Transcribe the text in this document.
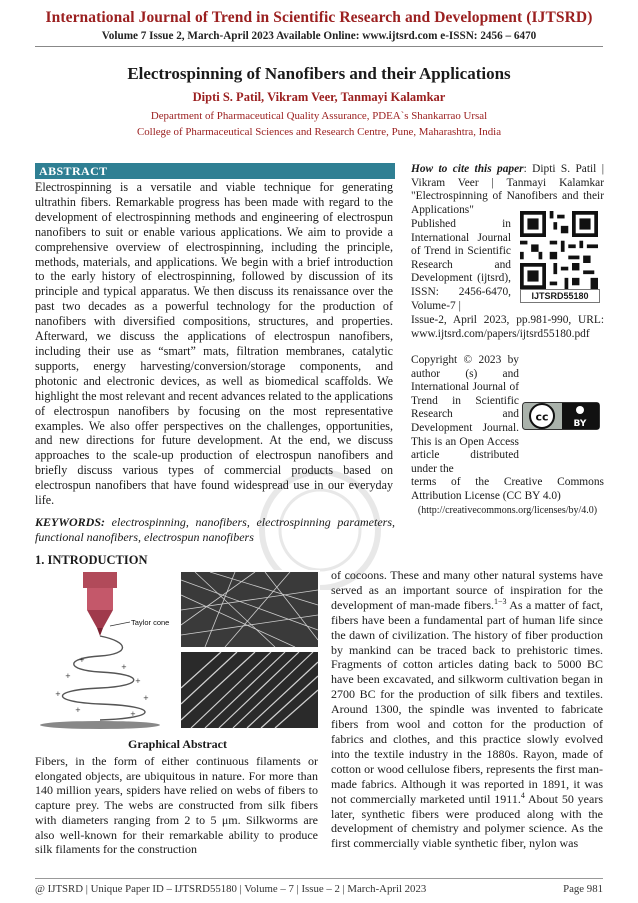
International Journal of Trend in Scientific Research and Development (IJTSRD)
Volume 7 Issue 2, March-April 2023 Available Online: www.ijtsrd.com e-ISSN: 2456 – 6470
Electrospinning of Nanofibers and their Applications
Dipti S. Patil, Vikram Veer, Tanmayi Kalamkar
Department of Pharmaceutical Quality Assurance, PDEA`s Shankarrao Ursal
College of Pharmaceutical Sciences and Research Centre, Pune, Maharashtra, India
ABSTRACT
Electrospinning is a versatile and viable technique for generating ultrathin fibers. Remarkable progress has been made with regard to the development of electrospinning methods and engineering of electrospun nanofibers to suit or enable various applications. We aim to provide a comprehensive overview of electrospinning, including the principle, methods, materials, and applications. We begin with a brief introduction to the early history of electrospinning, followed by discussion of its principle and typical apparatus. We then discuss its renaissance over the past two decades as a powerful technology for the production of nanofibers with diversified compositions, structures, and properties. Afterward, we discuss the applications of electrospun nanofibers, including their use as “smart” mats, filtration membranes, catalytic supports, energy harvesting/conversion/storage components, and photonic and electronic devices, as well as biomedical scaffolds. We highlight the most relevant and recent advances related to the applications of electrospun nanofibers by focusing on the most representative examples. We also offer perspectives on the challenges, opportunities, and new directions for future development. At the end, we discuss approaches to the scale-up production of electrospun nanofibers and briefly discuss various types of commercial products based on electrospun nanofibers that have found widespread use in our everyday life.
KEYWORDS: electrospinning, nanofibers, electrospinning parameters, functional nanofibers, electrospun nanofibers
How to cite this paper: Dipti S. Patil | Vikram Veer | Tanmayi Kalamkar "Electrospinning of Nanofibers and their Applications"
Published in International Journal of Trend in Scientific Research and Development (ijtsrd), ISSN: 2456-6470, Volume-7 |
Issue-2, April 2023, pp.981-990, URL: www.ijtsrd.com/papers/ijtsrd55180.pdf
IJTSRD55180
Copyright © 2023 by author (s) and International Journal of Trend in Scientific Research and Development Journal. This is an Open Access article distributed under the
terms of the Creative Commons Attribution License (CC BY 4.0)
(http://creativecommons.org/licenses/by/4.0)
cc
BY
1. INTRODUCTION
+
+
+
+
+	+
+	+
Taylor cone
Graphical Abstract
Fibers, in the form of either continuous filaments or elongated objects, are ubiquitous in nature. For more than 140 million years, spiders have relied on webs of fibers to capture prey. The webs are constructed from silk fibers with diameters ranging from 2 to 5 μm. Silkworms are also well-known for their remarkable ability to produce silk filaments for the construction
of cocoons. These and many other natural systems have served as an important source of inspiration for the development of man-made fibers.$^{1-3}$ As a matter of fact, fibers have been a fundamental part of human life since the dawn of civilization. The history of fiber production by mankind can be traced back to prehistoric times. Fragments of cotton articles dating back to 5000 BC have been excavated, and silkworm cultivation began in 2700 BC for the production of silk fibers and textiles. Around 1300, the spindle was invented to fabricate fibers from wool and cotton for the production of fabrics and clothes, and this practice slowly evolved into the textile industry in the 1880s. Rayon, made of cotton or wood cellulose fibers, represents the first man-made fabrics. Although it was reported in 1891, it was not commercially marketed until 1911.$^4$ About 50 years later, synthetic fibers were produced along with the development of chemistry and polymer science. As the first commercially viable synthetic fiber, nylon was
@ IJTSRD | Unique Paper ID – IJTSRD55180 | Volume – 7 | Issue – 2 | March-April 2023	Page 981
